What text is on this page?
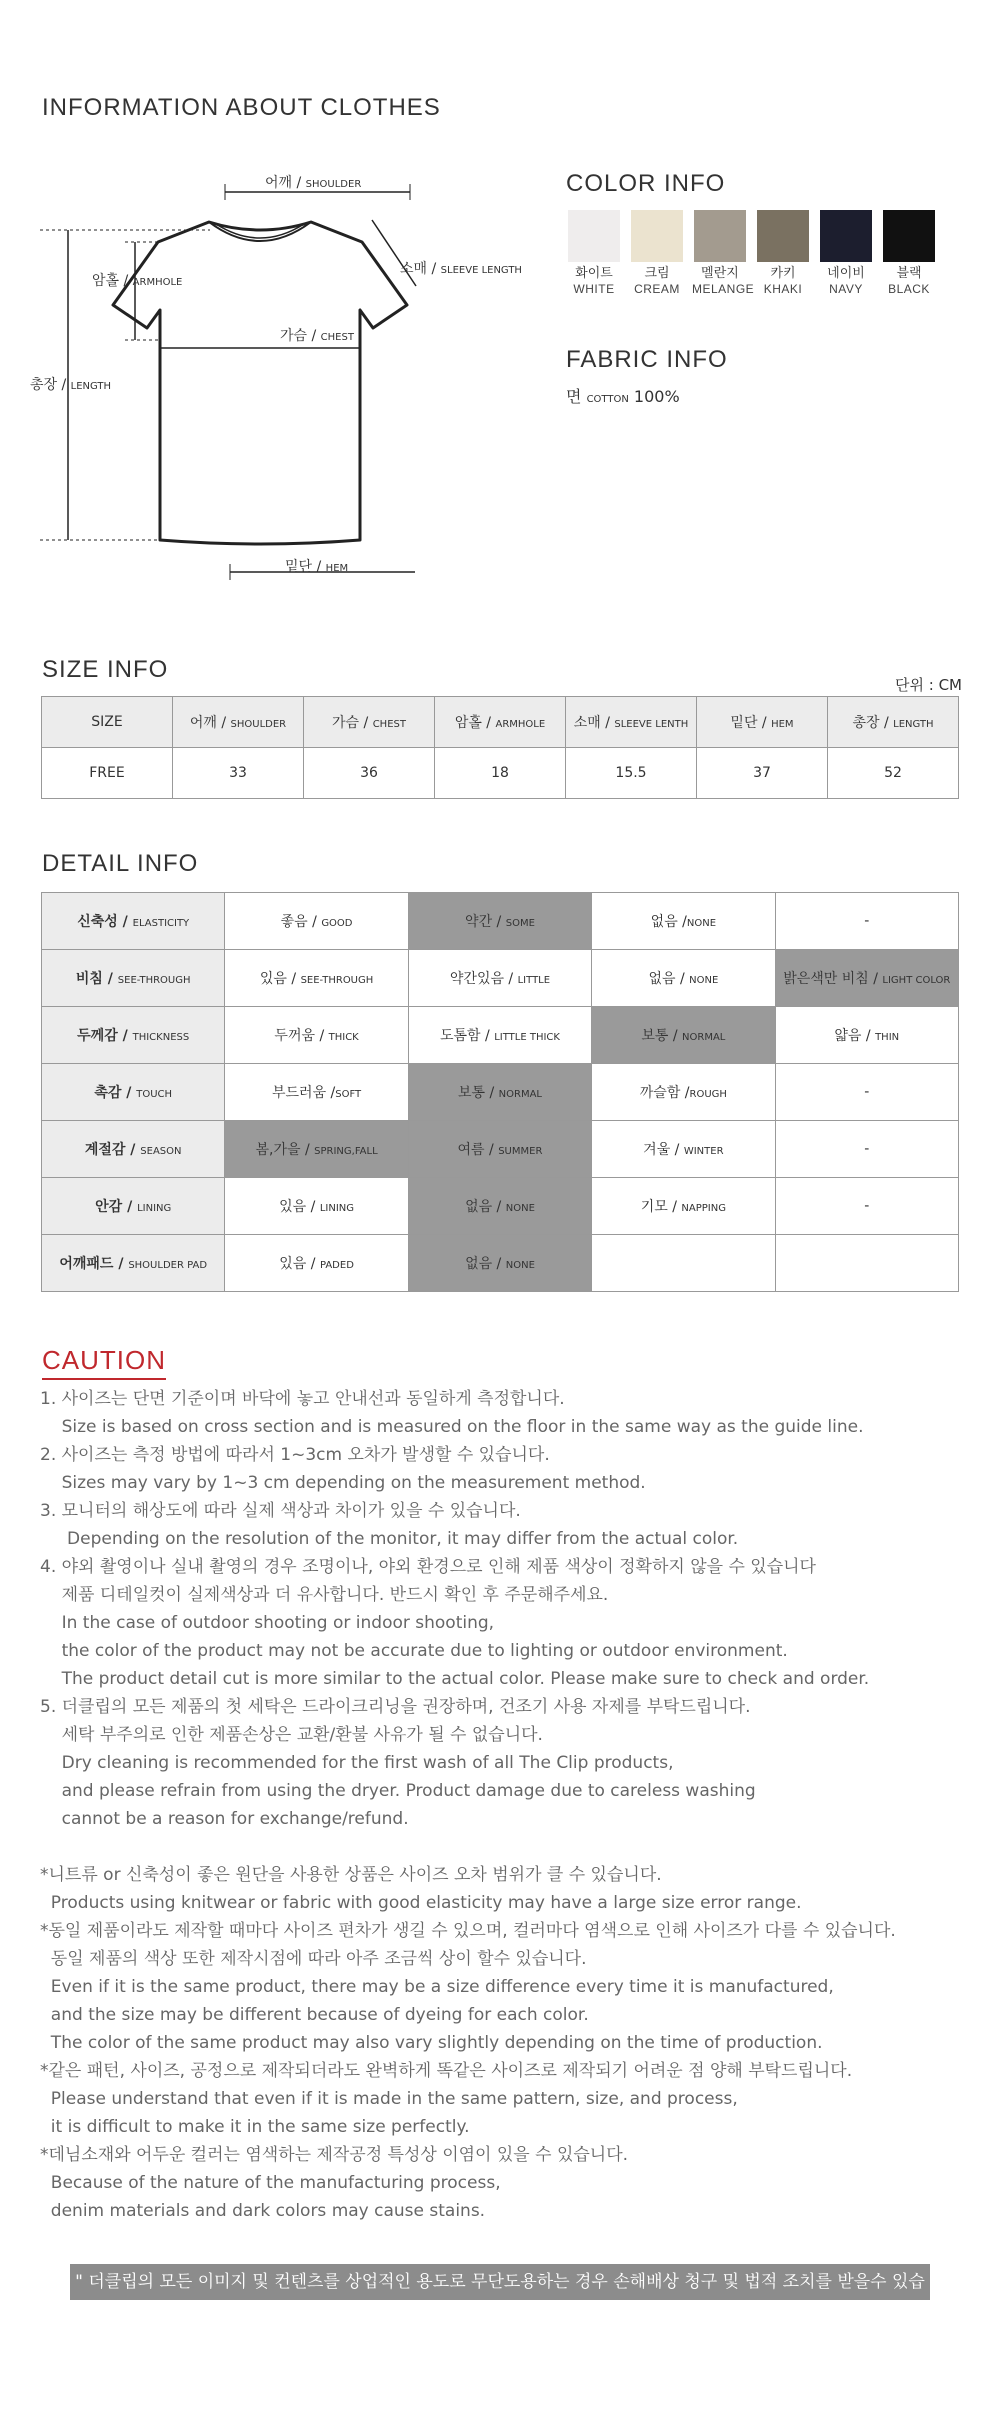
INFORMATION ABOUT CLOTHES
어깨 / SHOULDER
암홀 / ARMHOLE
소매 / SLEEVE LENGTH
가슴 / CHEST
총장 / LENGTH
밑단 / HEM
COLOR INFO
화이트
WHITE
크림
CREAM
멜란지
MELANGE
카키
KHAKI
네이비
NAVY
블랙
BLACK
FABRIC INFO
면 COTTON 100%
SIZE INFO
단위 : CM
SIZE	어깨 / SHOULDER	가슴 / CHEST	암홀 / ARMHOLE	소매 / SLEEVE LENTH	밑단 / HEM	총장 / LENGTH
FREE	33	36	18	15.5	37	52
DETAIL INFO
신축성 / ELASTICITY	좋음 / GOOD	약간 / SOME	없음 /NONE	-
비침 / SEE-THROUGH	있음 / SEE-THROUGH	약간있음 / LITTLE	없음 / NONE	밝은색만 비침 / LIGHT COLOR
두께감 / THICKNESS	두꺼움 / THICK	도톰함 / LITTLE THICK	보통 / NORMAL	얇음 / THIN
촉감 / TOUCH	부드러움 /SOFT	보통 / NORMAL	까슬함 /ROUGH	-
계절감 / SEASON	봄,가을 / SPRING,FALL	여름 / SUMMER	겨울 / WINTER	-
안감 / LINING	있음 / LINING	없음 / NONE	기모 / NAPPING	-
어깨패드 / SHOULDER PAD	있음 / PADED	없음 / NONE		
CAUTION

1. 사이즈는 단면 기준이며 바닥에 놓고 안내선과 동일하게 측정합니다.

Size is based on cross section and is measured on the floor in the same way as the guide line.

2. 사이즈는 측정 방법에 따라서 1~3cm 오차가 발생할 수 있습니다.

Sizes may vary by 1~3 cm depending on the measurement method.

3. 모니터의 해상도에 따라 실제 색상과 차이가 있을 수 있습니다.

Depending on the resolution of the monitor, it may differ from the actual color.

4. 야외 촬영이나 실내 촬영의 경우 조명이나, 야외 환경으로 인해 제품 색상이 정확하지 않을 수 있습니다

제품 디테일컷이 실제색상과 더 유사합니다. 반드시 확인 후 주문해주세요.

In the case of outdoor shooting or indoor shooting,

the color of the product may not be accurate due to lighting or outdoor environment.

The product detail cut is more similar to the actual color. Please make sure to check and order.

5. 더클립의 모든 제품의 첫 세탁은 드라이크리닝을 권장하며, 건조기 사용 자제를 부탁드립니다.

세탁 부주의로 인한 제품손상은 교환/환불 사유가 될 수 없습니다.

Dry cleaning is recommended for the first wash of all The Clip products,

and please refrain from using the dryer. Product damage due to careless washing

cannot be a reason for exchange/refund.

*니트류 or 신축성이 좋은 원단을 사용한 상품은 사이즈 오차 범위가 클 수 있습니다.

Products using knitwear or fabric with good elasticity may have a large size error range.

*동일 제품이라도 제작할 때마다 사이즈 편차가 생길 수 있으며, 컬러마다 염색으로 인해 사이즈가 다를 수 있습니다.

동일 제품의 색상 또한 제작시점에 따라 아주 조금씩 상이 할수 있습니다.

Even if it is the same product, there may be a size difference every time it is manufactured,

and the size may be different because of dyeing for each color.

The color of the same product may also vary slightly depending on the time of production.

*같은 패턴, 사이즈, 공정으로 제작되더라도 완벽하게 똑같은 사이즈로 제작되기 어려운 점 양해 부탁드립니다.

Please understand that even if it is made in the same pattern, size, and process,

it is difficult to make it in the same size perfectly.

*데님소재와 어두운 컬러는 염색하는 제작공정 특성상 이염이 있을 수 있습니다.

Because of the nature of the manufacturing process,

denim materials and dark colors may cause stains.

" 더클립의 모든 이미지 및 컨텐츠를 상업적인 용도로 무단도용하는 경우 손해배상 청구 및 법적 조치를 받을수 있습니다. "
